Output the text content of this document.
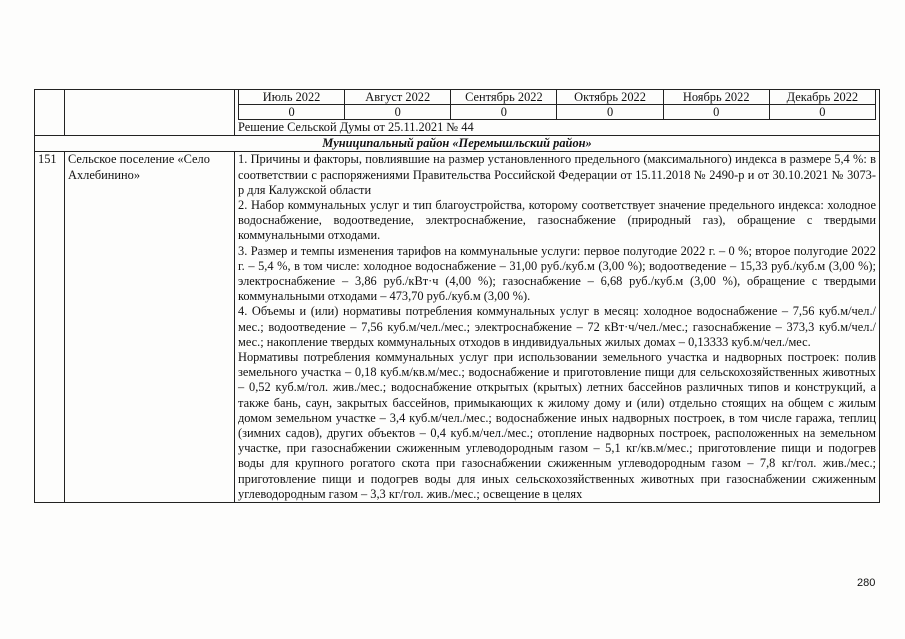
Июль 2022	Август 2022	Сентябрь 2022	Октябрь 2022	Ноябрь 2022	Декабрь 2022
0	0	0	0	0	0
Решение Сельской Думы от 25.11.2021 № 44

Муниципальный район «Перемышльский район»
151	Сельское поселение «Село Ахлебинино»	

1. Причины и факторы, повлиявшие на размер установленного предельного (максимального) индекса в размере 5,4 %: в соответствии с распоряжениями Правительства Российской Федерации от 15.11.2018 № 2490-р и от 30.10.2021 № 3073-р для Калужской области

2. Набор коммунальных услуг и тип благоустройства, которому соответствует значение предельного индекса: холодное водоснабжение, водоотведение, электроснабжение, газоснабжение (природный газ), обращение с твердыми коммунальными отходами.

3. Размер и темпы изменения тарифов на коммунальные услуги: первое полугодие 2022 г. – 0 %; второе полугодие 2022 г. – 5,4 %, в том числе: холодное водоснабжение – 31,00 руб./куб.м (3,00 %); водоотведение – 15,33 руб./куб.м (3,00 %); электроснабжение – 3,86 руб./кВт·ч (4,00 %); газоснабжение – 6,68 руб./куб.м (3,00 %), обращение с твердыми коммунальными отходами – 473,70 руб./куб.м (3,00 %).

4. Объемы и (или) нормативы потребления коммунальных услуг в месяц: холодное водоснабжение – 7,56 куб.м/чел./мес.; водоотведение – 7,56 куб.м/чел./мес.; электроснабжение – 72 кВт·ч/чел./мес.; газоснабжение – 373,3 куб.м/чел./мес.; накопление твердых коммунальных отходов в индивидуальных жилых домах – 0,13333 куб.м/чел./мес.

Нормативы потребления коммунальных услуг при использовании земельного участка и надворных построек: полив земельного участка – 0,18 куб.м/кв.м/мес.; водоснабжение и приготовление пищи для сельскохозяйственных животных – 0,52 куб.м/гол. жив./мес.; водоснабжение открытых (крытых) летних бассейнов различных типов и конструкций, а также бань, саун, закрытых бассейнов, примыкающих к жилому дому и (или) отдельно стоящих на общем с жилым домом земельном участке – 3,4 куб.м/чел./мес.; водоснабжение иных надворных построек, в том числе гаража, теплиц (зимних садов), других объектов – 0,4 куб.м/чел./мес.; отопление надворных построек, расположенных на земельном участке, при газоснабжении сжиженным углеводородным газом – 5,1 кг/кв.м/мес.; приготовление пищи и подогрев воды для крупного рогатого скота при газоснабжении сжиженным углеводородным газом – 7,8 кг/гол. жив./мес.; приготовление пищи и подогрев воды для иных сельскохозяйственных животных при газоснабжении сжиженным углеводородным газом – 3,3 кг/гол. жив./мес.; освещение в целях

280
